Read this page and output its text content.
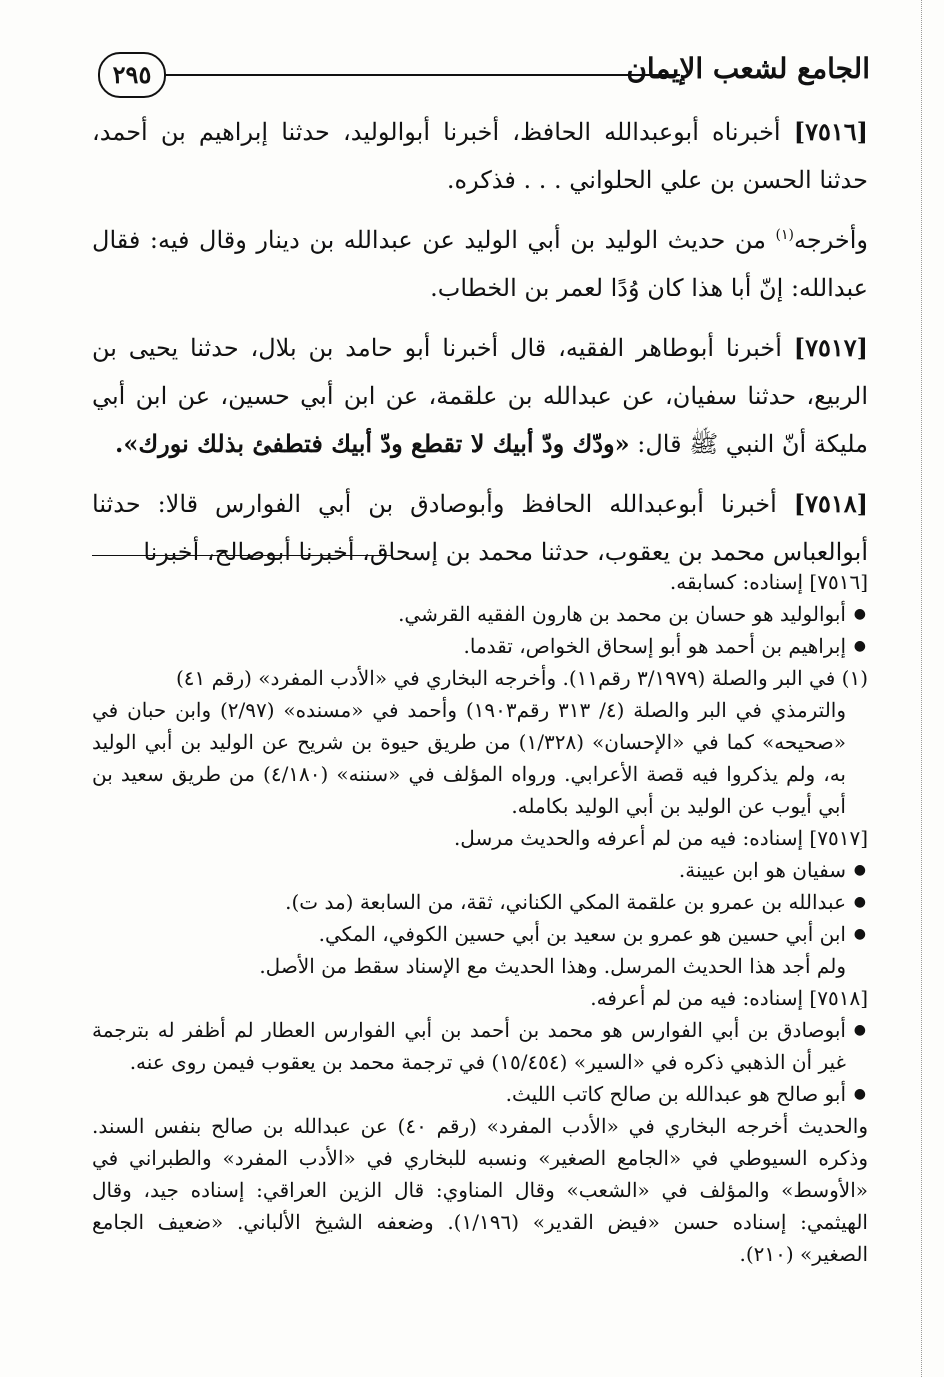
الجامع لشعب الإيمان
٢٩٥

[٧٥١٦] أخبرناه أبوعبدالله الحافظ، أخبرنا أبوالوليد، حدثنا إبراهيم بن أحمد، حدثنا الحسن بن علي الحلواني . . . فذكره.

وأخرجه$^{(١)}$ من حديث الوليد بن أبي الوليد عن عبدالله بن دينار وقال فيه: فقال عبدالله: إنّ أبا هذا كان وُدًا لعمر بن الخطاب.

[٧٥١٧] أخبرنا أبوطاهر الفقيه، قال أخبرنا أبو حامد بن بلال، حدثنا يحيى بن الربيع، حدثنا سفيان، عن عبدالله بن علقمة، عن ابن أبي حسين، عن ابن أبي مليكة أنّ النبي ﷺ قال: «ودّك ودّ أبيك لا تقطع ودّ أبيك فتطفئ بذلك نورك».

[٧٥١٨] أخبرنا أبوعبدالله الحافظ وأبوصادق بن أبي الفوارس قالا: حدثنا أبوالعباس محمد بن يعقوب، حدثنا محمد بن إسحاق، أخبرنا أبوصالح، أخبرنا

[٧٥١٦] إسناده: كسابقه.

● أبوالوليد هو حسان بن محمد بن هارون الفقيه القرشي.

● إبراهيم بن أحمد هو أبو إسحاق الخواص، تقدما.

(١) في البر والصلة (٣/١٩٧٩ رقم١١). وأخرجه البخاري في «الأدب المفرد» (رقم ٤١)

والترمذي في البر والصلة (٤/ ٣١٣ رقم١٩٠٣) وأحمد في «مسنده» (٢/٩٧) وابن حبان في «صحيحه» كما في «الإحسان» (١/٣٢٨) من طريق حيوة بن شريح عن الوليد بن أبي الوليد به، ولم يذكروا فيه قصة الأعرابي. ورواه المؤلف في «سننه» (٤/١٨٠) من طريق سعيد بن أبي أيوب عن الوليد بن أبي الوليد بكامله.

[٧٥١٧] إسناده: فيه من لم أعرفه والحديث مرسل.

● سفيان هو ابن عيينة.

● عبدالله بن عمرو بن علقمة المكي الكناني، ثقة، من السابعة (مد ت).

● ابن أبي حسين هو عمرو بن سعيد بن أبي حسين الكوفي، المكي.

ولم أجد هذا الحديث المرسل. وهذا الحديث مع الإسناد سقط من الأصل.

[٧٥١٨] إسناده: فيه من لم أعرفه.

● أبوصادق بن أبي الفوارس هو محمد بن أحمد بن أبي الفوارس العطار لم أظفر له بترجمة غير أن الذهبي ذكره في «السير» (١٥/٤٥٤) في ترجمة محمد بن يعقوب فيمن روى عنه.

● أبو صالح هو عبدالله بن صالح كاتب الليث.

والحديث أخرجه البخاري في «الأدب المفرد» (رقم ٤٠) عن عبدالله بن صالح بنفس السند. وذكره السيوطي في «الجامع الصغير» ونسبه للبخاري في «الأدب المفرد» والطبراني في «الأوسط» والمؤلف في «الشعب» وقال المناوي: قال الزين العراقي: إسناده جيد، وقال الهيثمي: إسناده حسن «فيض القدير» (١/١٩٦). وضعفه الشيخ الألباني. «ضعيف الجامع الصغير» (٢١٠).
